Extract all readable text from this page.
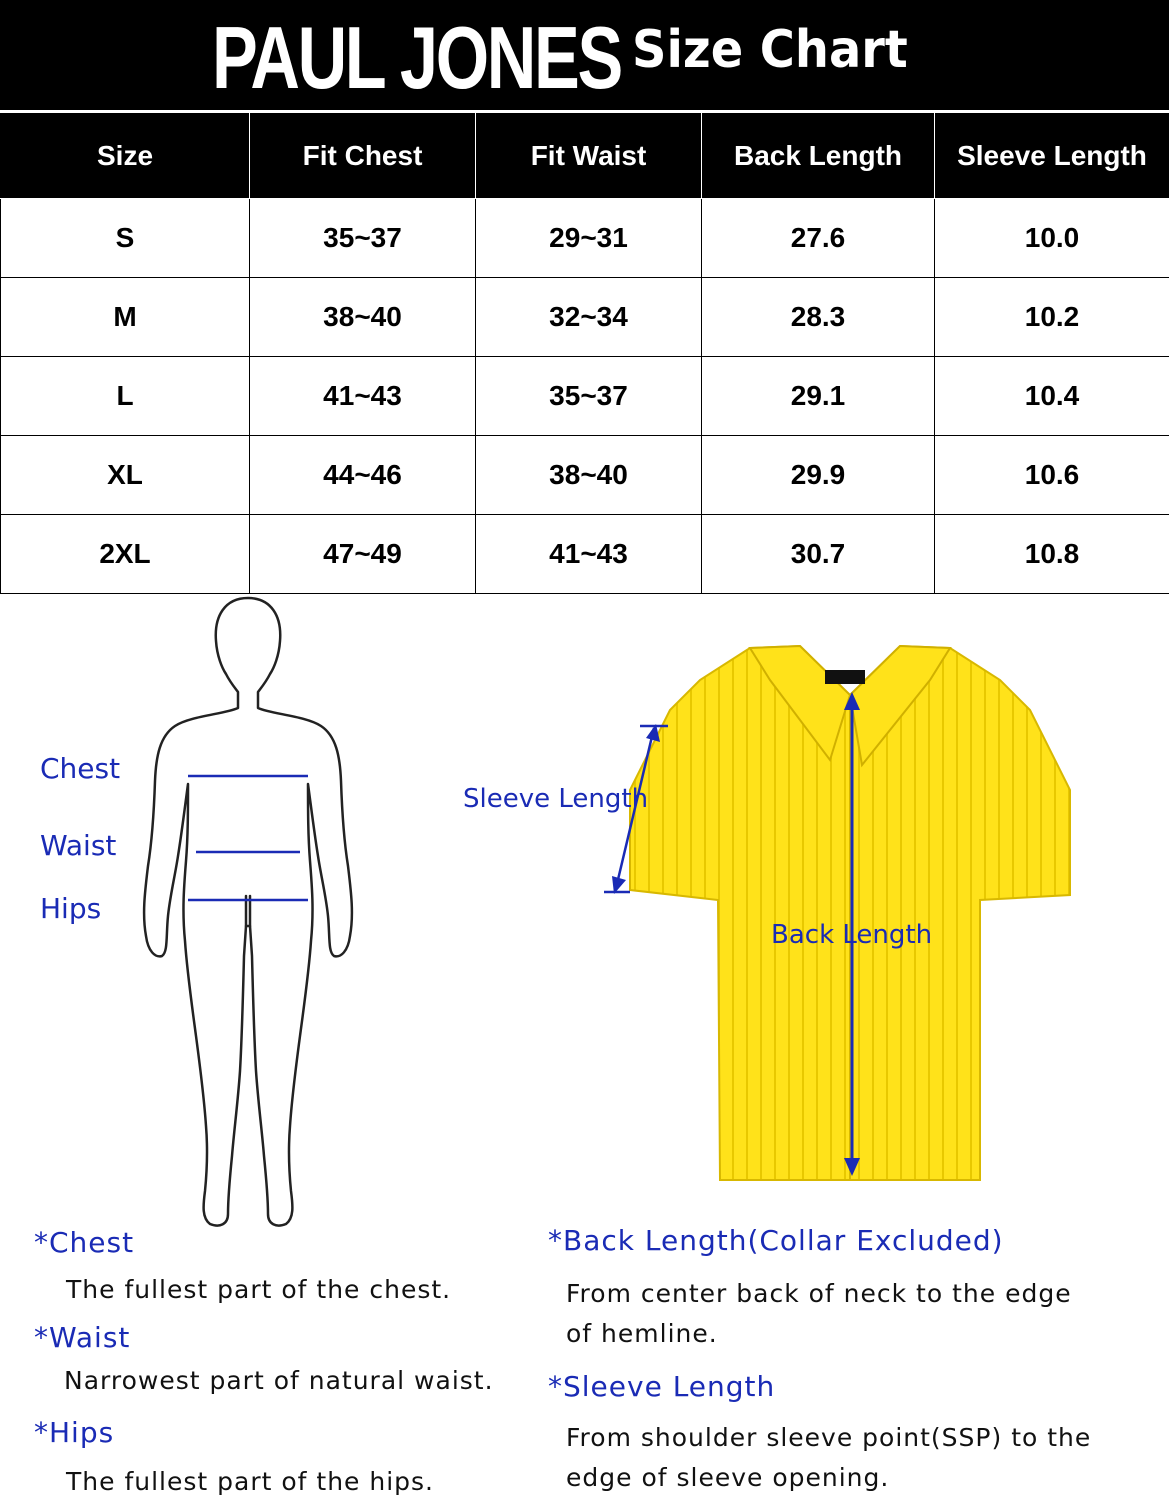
PAUL JONES Size Chart
Size	Fit Chest	Fit Waist	Back Length	Sleeve Length
S	35~37	29~31	27.6	10.0
M	38~40	32~34	28.3	10.2
L	41~43	35~37	29.1	10.4
XL	44~46	38~40	29.9	10.6
2XL	47~49	41~43	30.7	10.8
Chest
Waist
Hips
Sleeve Length
Back Length
*Chest
The fullest part of the chest.
*Waist
Narrowest part of natural waist.
*Hips
The fullest part of the hips.
*Back Length(Collar Excluded)
From center back of neck to the edge
of hemline.
*Sleeve Length
From shoulder sleeve point(SSP) to the
edge of sleeve opening.
